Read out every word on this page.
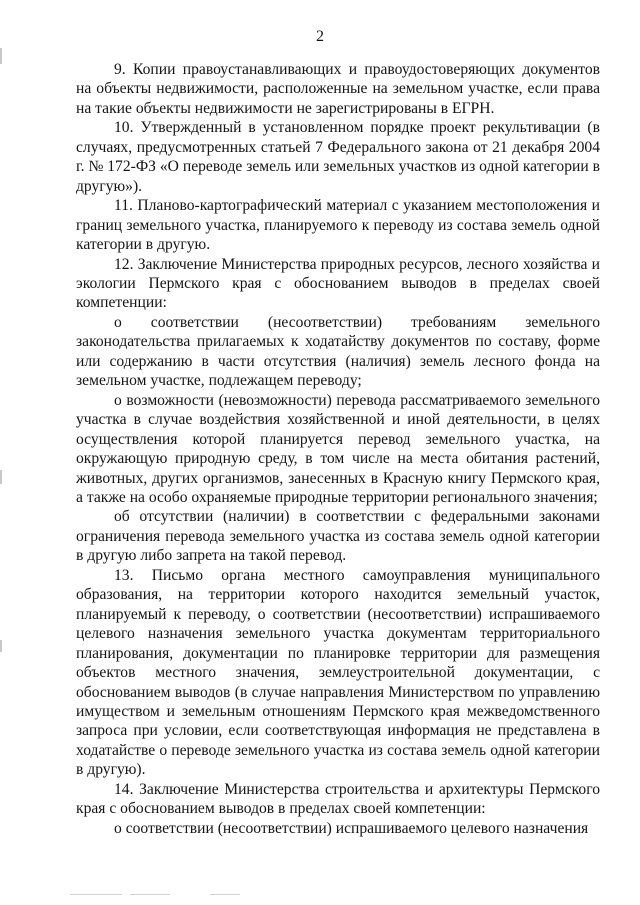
2

9. Копии правоустанавливающих и правоудостоверяющих документов на объекты недвижимости, расположенные на земельном участке, если права на такие объекты недвижимости не зарегистрированы в ЕГРН.

10. Утвержденный в установленном порядке проект рекультивации (в случаях, предусмотренных статьей 7 Федерального закона от 21 декабря 2004 г. № 172-ФЗ «О переводе земель или земельных участков из одной категории в другую»).

11. Планово-картографический материал с указанием местоположения и границ земельного участка, планируемого к переводу из состава земель одной категории в другую.

12. Заключение Министерства природных ресурсов, лесного хозяйства и экологии Пермского края с обоснованием выводов в пределах своей компетенции:

о соответствии (несоответствии) требованиям земельного законодательства прилагаемых к ходатайству документов по составу, форме или содержанию в части отсутствия (наличия) земель лесного фонда на земельном участке, подлежащем переводу;

о возможности (невозможности) перевода рассматриваемого земельного участка в случае воздействия хозяйственной и иной деятельности, в целях осуществления которой планируется перевод земельного участка, на окружающую природную среду, в том числе на места обитания растений, животных, других организмов, занесенных в Красную книгу Пермского края, а также на особо охраняемые природные территории регионального значения;

об отсутствии (наличии) в соответствии с федеральными законами ограничения перевода земельного участка из состава земель одной категории в другую либо запрета на такой перевод.

13. Письмо органа местного самоуправления муниципального образования, на территории которого находится земельный участок, планируемый к переводу, о соответствии (несоответствии) испрашиваемого целевого назначения земельного участка документам территориального планирования, документации по планировке территории для размещения объектов местного значения, землеустроительной документации, с обоснованием выводов (в случае направления Министерством по управлению имуществом и земельным отношениям Пермского края межведомственного запроса при условии, если соответствующая информация не представлена в ходатайстве о переводе земельного участка из состава земель одной категории в другую).

14. Заключение Министерства строительства и архитектуры Пермского края с обоснованием выводов в пределах своей компетенции:

о соответствии (несоответствии) испрашиваемого целевого назначения
